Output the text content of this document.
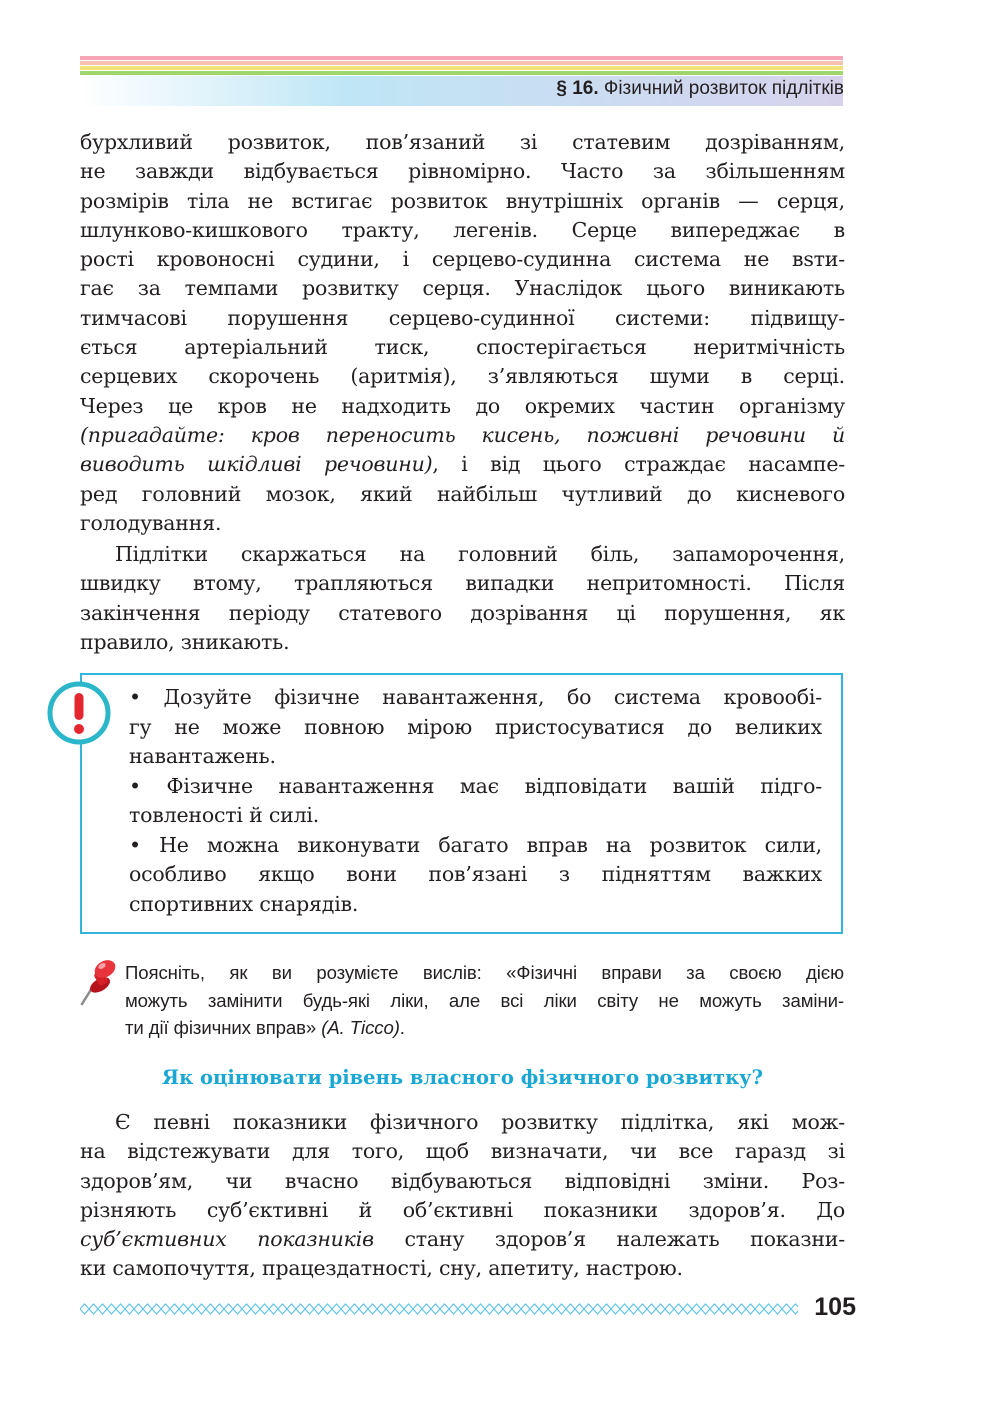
§ 16. Фізичний розвиток підлітків

бурхливий розвиток, пов’язаний зі статевим дозріванням,

не завжди відбувається рівномірно. Часто за збільшенням

розмірів тіла не встигає розвиток внутрішніх органів — серця,

шлунково-кишкового тракту, легенів. Серце випереджає в

рості кровоносні судини, і серцево-судинна система не вsти-

гає за темпами розвитку серця. Унаслідок цього виникають

тимчасові порушення серцево-судинної системи: підвищу-

ється артеріальний тиск, спостерігається неритмічність

серцевих скорочень (аритмія), з’являються шуми в серці.

Через це кров не надходить до окремих частин організму

(пригадайте: кров переносить кисень, поживні речовини й

виводить шкідливі речовини), і від цього страждає насампе-

ред головний мозок, який найбільш чутливий до кисневого

голодування.

Підлітки скаржаться на головний біль, запаморочення,

швидку втому, трапляються випадки непритомності. Після

закінчення періоду статевого дозрівання ці порушення, як

правило, зникають.

• Дозуйте фізичне навантаження, бо система кровообі-

гу не може повною мірою пристосуватися до великих

навантажень.

• Фізичне навантаження має відповідати вашій підго-

товленості й силі.

• Не можна виконувати багато вправ на розвиток сили,

особливо якщо вони пов’язані з підняттям важких

спортивних снарядів.

Поясніть, як ви розумієте вислів: «Фізичні вправи за своєю дією

можуть замінити будь-які ліки, але всі ліки світу не можуть заміни-

ти дії фізичних вправ» (А. Тіссо).

Як оцінювати рівень власного фізичного розвитку?

Є певні показники фізичного розвитку підлітка, які мож-

на відстежувати для того, щоб визначати, чи все гаразд зі

здоров’ям, чи вчасно відбуваються відповідні зміни. Роз-

різняють суб’єктивні й об’єктивні показники здоров’я. До

суб’єктивних показників стану здоров’я належать показни-

ки самопочуття, працездатності, сну, апетиту, настрою.

105
